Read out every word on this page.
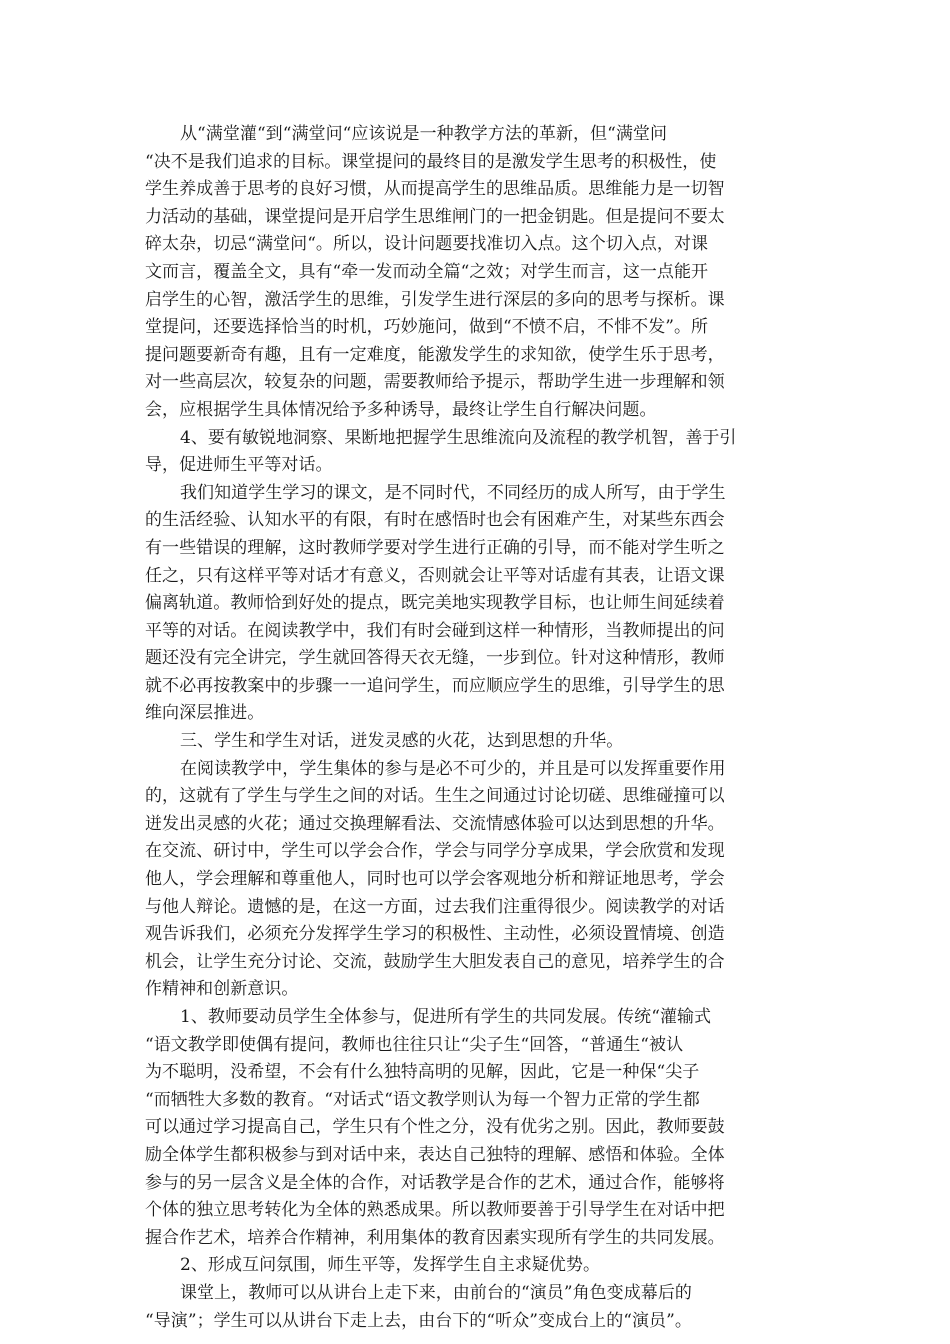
从“满堂灌“到“满堂问“应该说是一种教学方法的革新，但“满堂问
“决不是我们追求的目标。课堂提问的最终目的是激发学生思考的积极性，使
学生养成善于思考的良好习惯，从而提高学生的思维品质。思维能力是一切智
力活动的基础，课堂提问是开启学生思维闸门的一把金钥匙。但是提问不要太
碎太杂，切忌“满堂问“。所以，设计问题要找准切入点。这个切入点，对课
文而言，覆盖全文，具有“牵一发而动全篇“之效；对学生而言，这一点能开
启学生的心智，激活学生的思维，引发学生进行深层的多向的思考与探析。课
堂提问，还要选择恰当的时机，巧妙施问，做到“不愤不启，不悱不发”。所
提问题要新奇有趣，且有一定难度，能激发学生的求知欲，使学生乐于思考，
对一些高层次，较复杂的问题，需要教师给予提示，帮助学生进一步理解和领
会，应根据学生具体情况给予多种诱导，最终让学生自行解决问题。
4、要有敏锐地洞察、果断地把握学生思维流向及流程的教学机智，善于引
导，促进师生平等对话。
我们知道学生学习的课文，是不同时代，不同经历的成人所写，由于学生
的生活经验、认知水平的有限，有时在感悟时也会有困难产生，对某些东西会
有一些错误的理解，这时教师学要对学生进行正确的引导，而不能对学生听之
任之，只有这样平等对话才有意义，否则就会让平等对话虚有其表，让语文课
偏离轨道。教师恰到好处的提点，既完美地实现教学目标，也让师生间延续着
平等的对话。在阅读教学中，我们有时会碰到这样一种情形，当教师提出的问
题还没有完全讲完，学生就回答得天衣无缝，一步到位。针对这种情形，教师
就不必再按教案中的步骤一一追问学生，而应顺应学生的思维，引导学生的思
维向深层推进。
三、学生和学生对话，迸发灵感的火花，达到思想的升华。
在阅读教学中，学生集体的参与是必不可少的，并且是可以发挥重要作用
的，这就有了学生与学生之间的对话。生生之间通过讨论切磋、思维碰撞可以
迸发出灵感的火花；通过交换理解看法、交流情感体验可以达到思想的升华。
在交流、研讨中，学生可以学会合作，学会与同学分享成果，学会欣赏和发现
他人，学会理解和尊重他人，同时也可以学会客观地分析和辩证地思考，学会
与他人辩论。遗憾的是，在这一方面，过去我们注重得很少。阅读教学的对话
观告诉我们，必须充分发挥学生学习的积极性、主动性，必须设置情境、创造
机会，让学生充分讨论、交流，鼓励学生大胆发表自己的意见，培养学生的合
作精神和创新意识。
1、教师要动员学生全体参与，促进所有学生的共同发展。传统“灌输式
“语文教学即使偶有提问，教师也往往只让“尖子生“回答，“普通生“被认
为不聪明，没希望，不会有什么独特高明的见解，因此，它是一种保“尖子
“而牺牲大多数的教育。“对话式“语文教学则认为每一个智力正常的学生都
可以通过学习提高自己，学生只有个性之分，没有优劣之别。因此，教师要鼓
励全体学生都积极参与到对话中来，表达自己独特的理解、感悟和体验。全体
参与的另一层含义是全体的合作，对话教学是合作的艺术，通过合作，能够将
个体的独立思考转化为全体的熟悉成果。所以教师要善于引导学生在对话中把
握合作艺术，培养合作精神，利用集体的教育因素实现所有学生的共同发展。
2、形成互问氛围，师生平等，发挥学生自主求疑优势。
课堂上，教师可以从讲台上走下来，由前台的“演员”角色变成幕后的
“导演”；学生可以从讲台下走上去，由台下的“听众”变成台上的“演员”。
